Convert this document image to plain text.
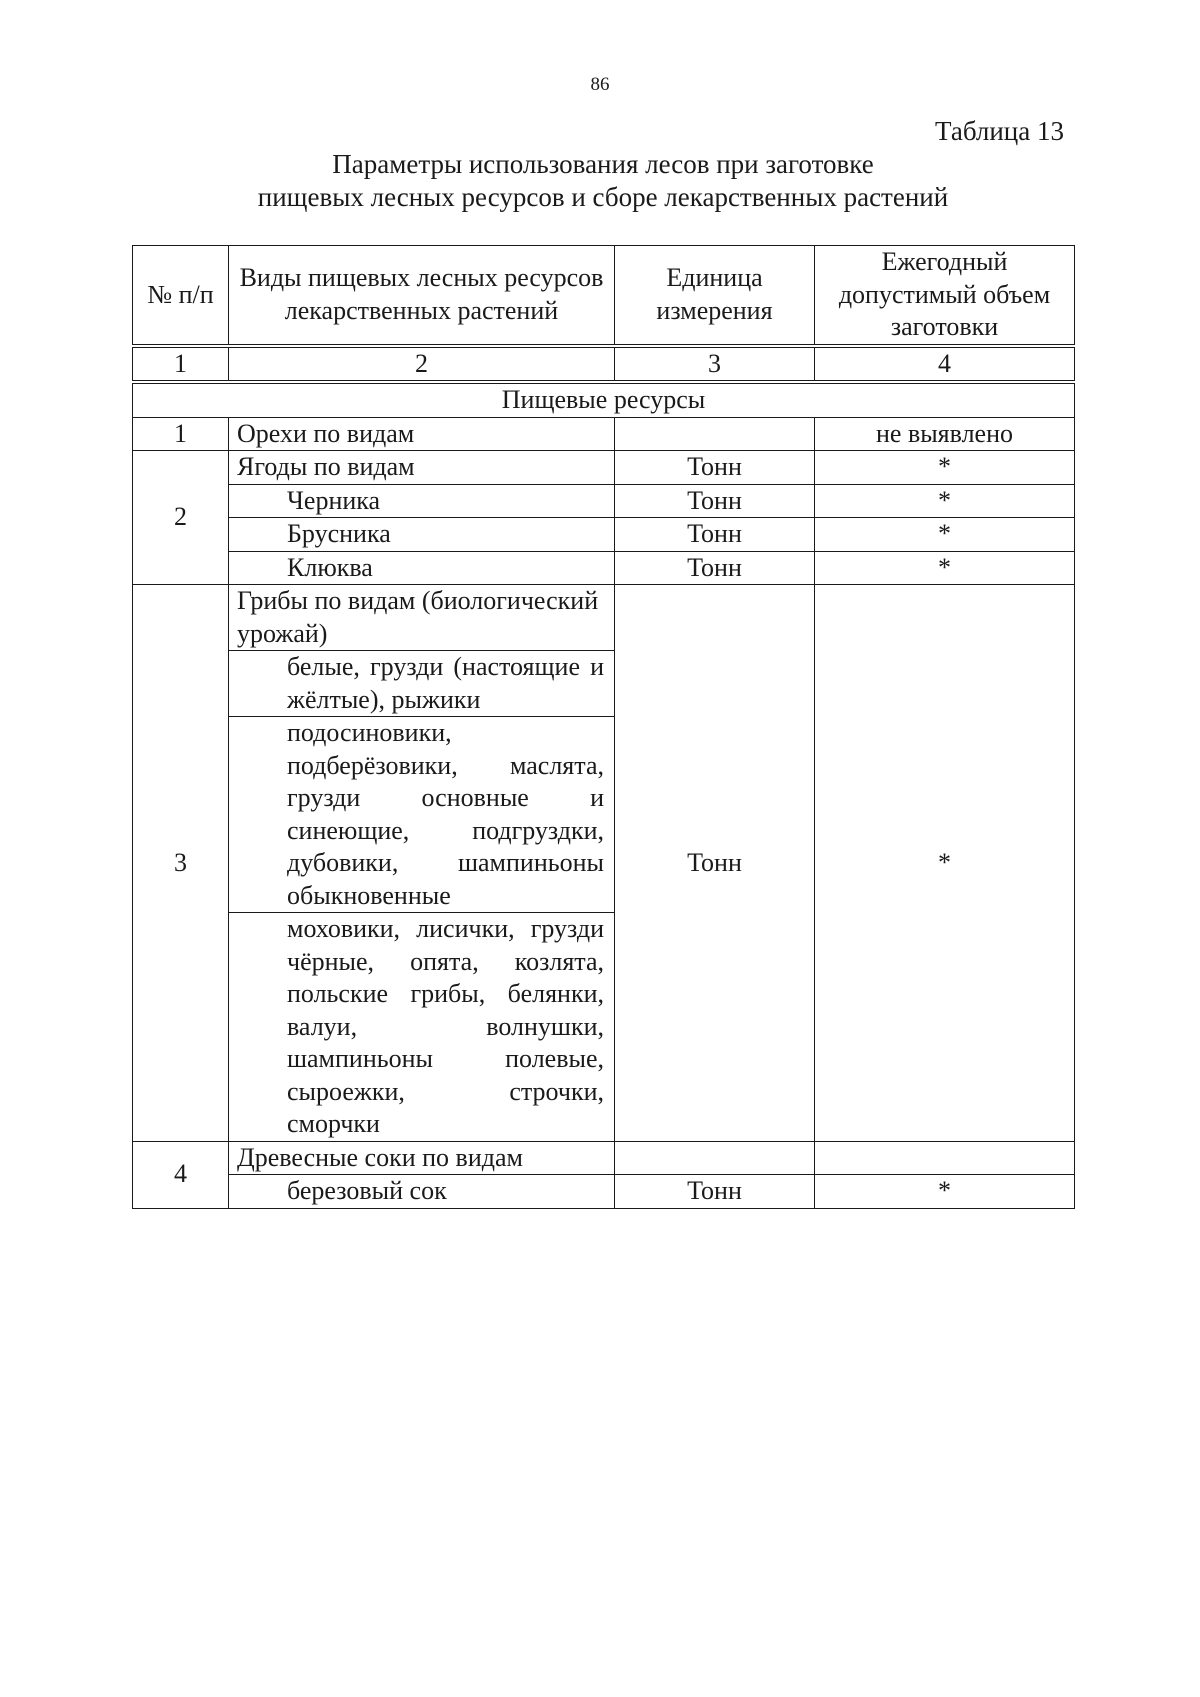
86
Таблица 13
Параметры использования лесов при заготовке
пищевых лесных ресурсов и сборе лекарственных растений
№ п/п	Виды пищевых лесных ресурсов лекарственных растений	Единица измерения	Ежегодный допустимый объем заготовки

1	2	3	4

Пищевые ресурсы			
1	Орехи по видам		не выявлено
2	Ягоды по видам	Тонн	*
	Черника	Тонн	*
	Брусника	Тонн	*
	Клюква	Тонн	*
3	Грибы по видам (биологический урожай)	Тонн	*
	белые, грузди (настоящие и жёлтые), рыжики		
	подосиновики, подберёзовики, маслята, грузди основные и синеющие, подгруздки, дубовики, шампиньоны обыкновенные		
	моховики, лисички, грузди чёрные, опята, козлята, польские грибы, белянки, валуи, волнушки, шампиньоны полевые, сыроежки, строчки, сморчки		
4	Древесные соки по видам		
	березовый сок	Тонн	*
